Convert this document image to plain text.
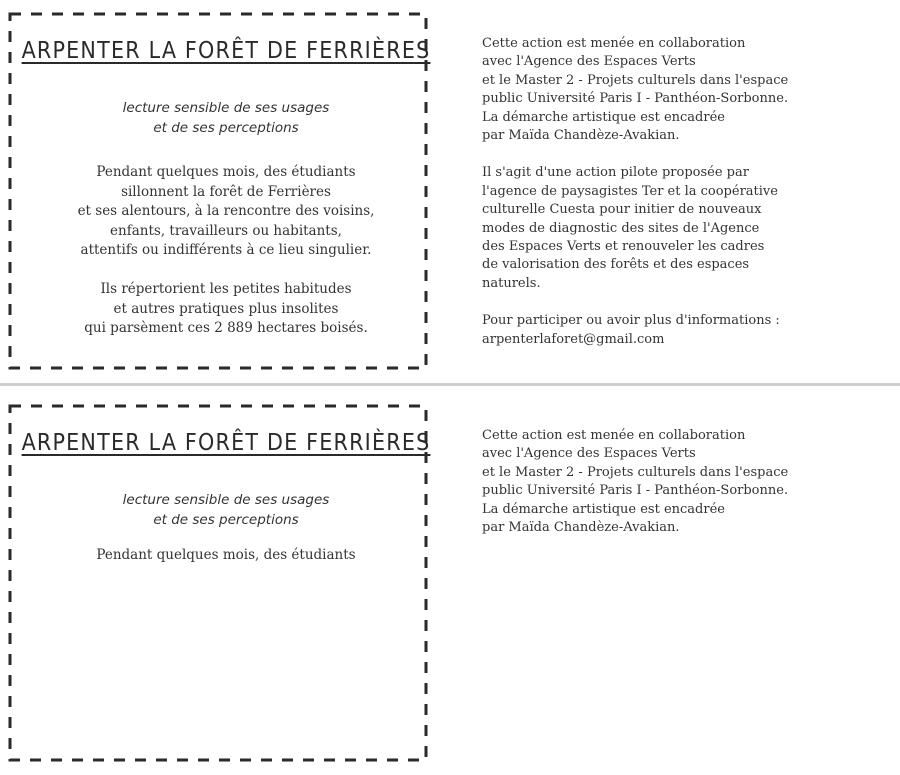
ARPENTER LA FORÊT DE FERRIÈRES
lecture sensible de ses usages
et de ses perceptions
Pendant quelques mois, des étudiants
sillonnent la forêt de Ferrières
et ses alentours, à la rencontre des voisins,
enfants, travailleurs ou habitants,
attentifs ou indifférents à ce lieu singulier.
Ils répertorient les petites habitudes
et autres pratiques plus insolites
qui parsèment ces 2 889 hectares boisés.
Cette action est menée en collaboration
avec l'Agence des Espaces Verts
et le Master 2 - Projets culturels dans l'espace
public Université Paris I - Panthéon-Sorbonne.
La démarche artistique est encadrée
par Maïda Chandèze-Avakian.
Il s'agit d'une action pilote proposée par
l'agence de paysagistes Ter et la coopérative
culturelle Cuesta pour initier de nouveaux
modes de diagnostic des sites de l'Agence
des Espaces Verts et renouveler les cadres
de valorisation des forêts et des espaces
naturels.
Pour participer ou avoir plus d'informations :
arpenterlaforet@gmail.com
ARPENTER LA FORÊT DE FERRIÈRES
lecture sensible de ses usages
et de ses perceptions
Pendant quelques mois, des étudiants
Cette action est menée en collaboration
avec l'Agence des Espaces Verts
et le Master 2 - Projets culturels dans l'espace
public Université Paris I - Panthéon-Sorbonne.
La démarche artistique est encadrée
par Maïda Chandèze-Avakian.
